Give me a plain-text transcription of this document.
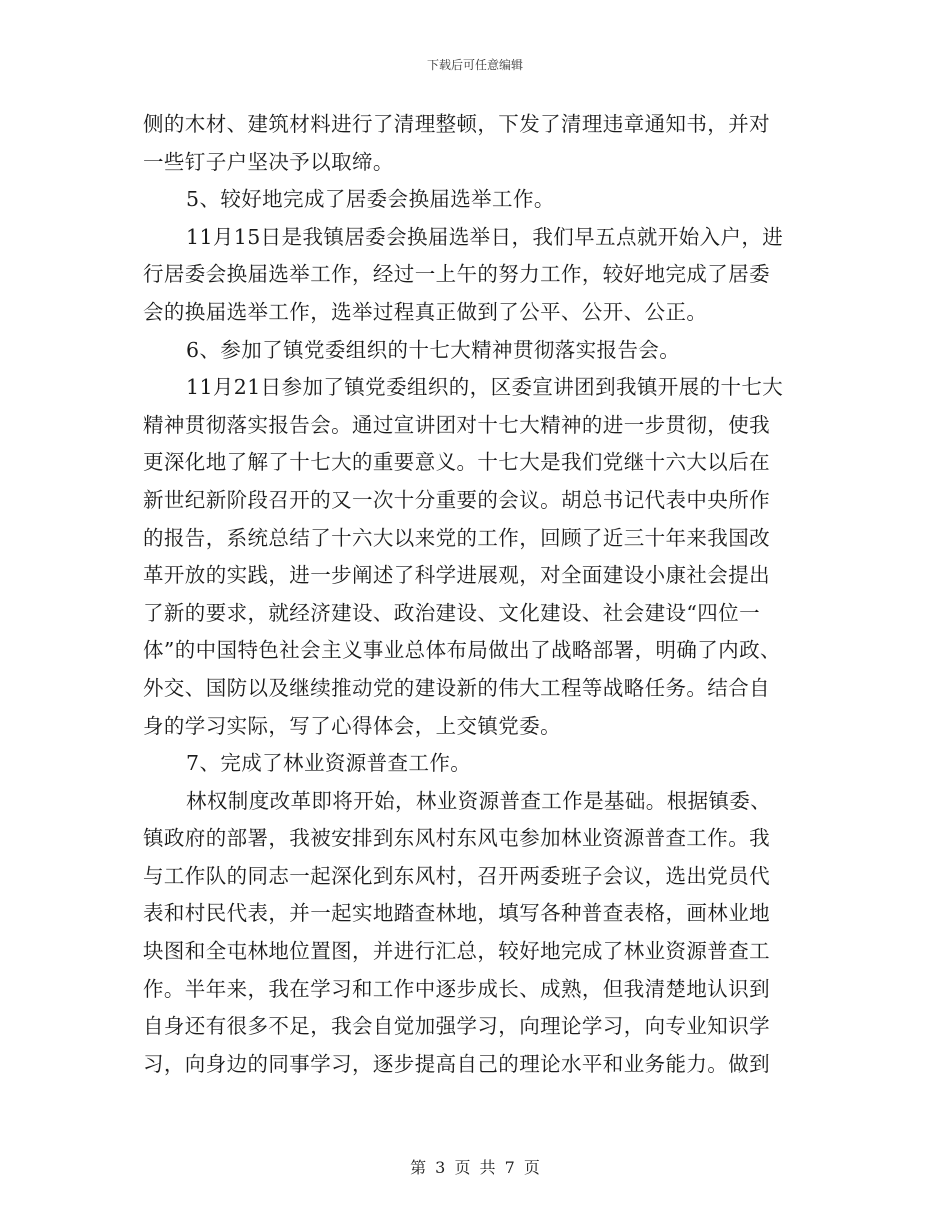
下载后可任意编辑
侧的木材、建筑材料进行了清理整顿，下发了清理违章通知书，并对
一些钉子户坚决予以取缔。
5、较好地完成了居委会换届选举工作。
11月15日是我镇居委会换届选举日，我们早五点就开始入户，进
行居委会换届选举工作，经过一上午的努力工作，较好地完成了居委
会的换届选举工作，选举过程真正做到了公平、公开、公正。
6、参加了镇党委组织的十七大精神贯彻落实报告会。
11月21日参加了镇党委组织的，区委宣讲团到我镇开展的十七大
精神贯彻落实报告会。通过宣讲团对十七大精神的进一步贯彻，使我
更深化地了解了十七大的重要意义。十七大是我们党继十六大以后在
新世纪新阶段召开的又一次十分重要的会议。胡总书记代表中央所作
的报告，系统总结了十六大以来党的工作，回顾了近三十年来我国改
革开放的实践，进一步阐述了科学进展观，对全面建设小康社会提出
了新的要求，就经济建设、政治建设、文化建设、社会建设“四位一
体”的中国特色社会主义事业总体布局做出了战略部署，明确了内政、
外交、国防以及继续推动党的建设新的伟大工程等战略任务。结合自
身的学习实际，写了心得体会，上交镇党委。
7、完成了林业资源普查工作。
林权制度改革即将开始，林业资源普查工作是基础。根据镇委、
镇政府的部署，我被安排到东风村东风屯参加林业资源普查工作。我
与工作队的同志一起深化到东风村，召开两委班子会议，选出党员代
表和村民代表，并一起实地踏查林地，填写各种普查表格，画林业地
块图和全屯林地位置图，并进行汇总，较好地完成了林业资源普查工
作。半年来，我在学习和工作中逐步成长、成熟，但我清楚地认识到
自身还有很多不足，我会自觉加强学习，向理论学习，向专业知识学
习，向身边的同事学习，逐步提高自己的理论水平和业务能力。做到
第 3 页 共 7 页
